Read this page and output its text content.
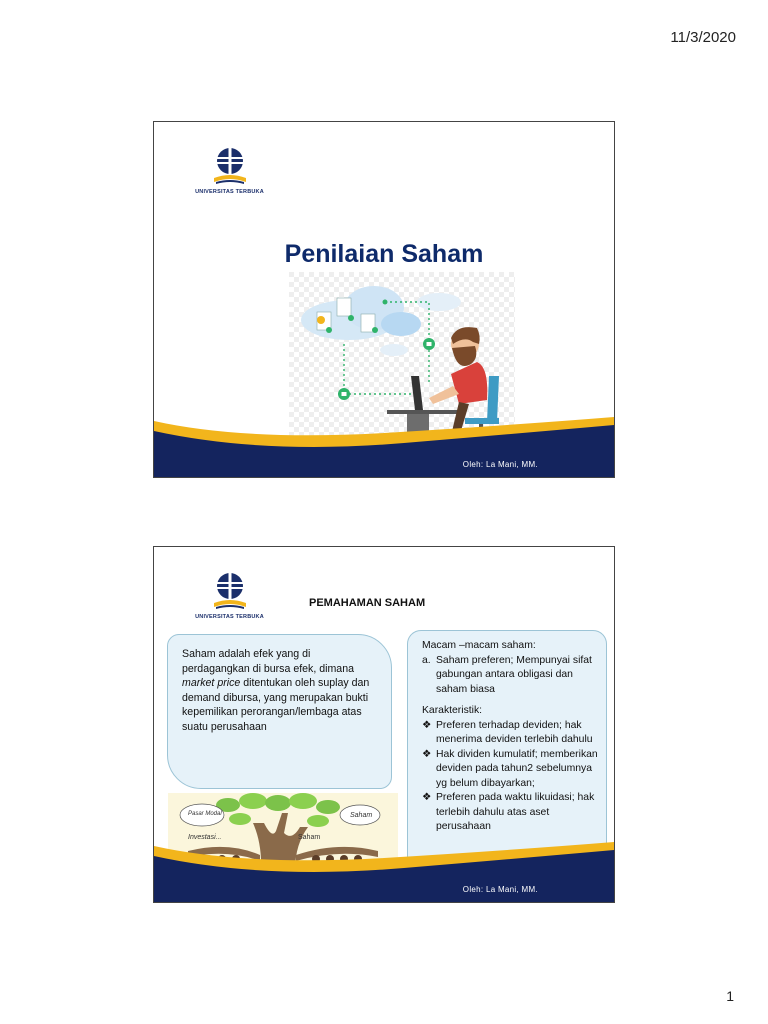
11/3/2020
UNIVERSITAS TERBUKA
Penilaian Saham
Oleh: La Mani, MM.
UNIVERSITAS TERBUKA
PEMAHAMAN SAHAM
Saham adalah efek yang di perdagangkan di bursa efek, dimana market price ditentukan oleh suplay dan demand dibursa, yang merupakan bukti kepemilikan perorangan/lembaga atas suatu perusahaan
Macam –macam saham:
a. Saham preferen; Mempunyai sifat gabungan antara obligasi dan saham biasa
Karakteristik:
❖ Preferen terhadap deviden; hak menerima deviden terlebih dahulu
❖ Hak dividen kumulatif; memberikan deviden pada tahun2 sebelumnya yg belum dibayarkan;
❖ Preferen pada waktu likuidasi; hak terlebih dahulu atas aset perusahaan
Pasar Modal
Investasi...	Saham
Saham
Oleh: La Mani, MM.
1
